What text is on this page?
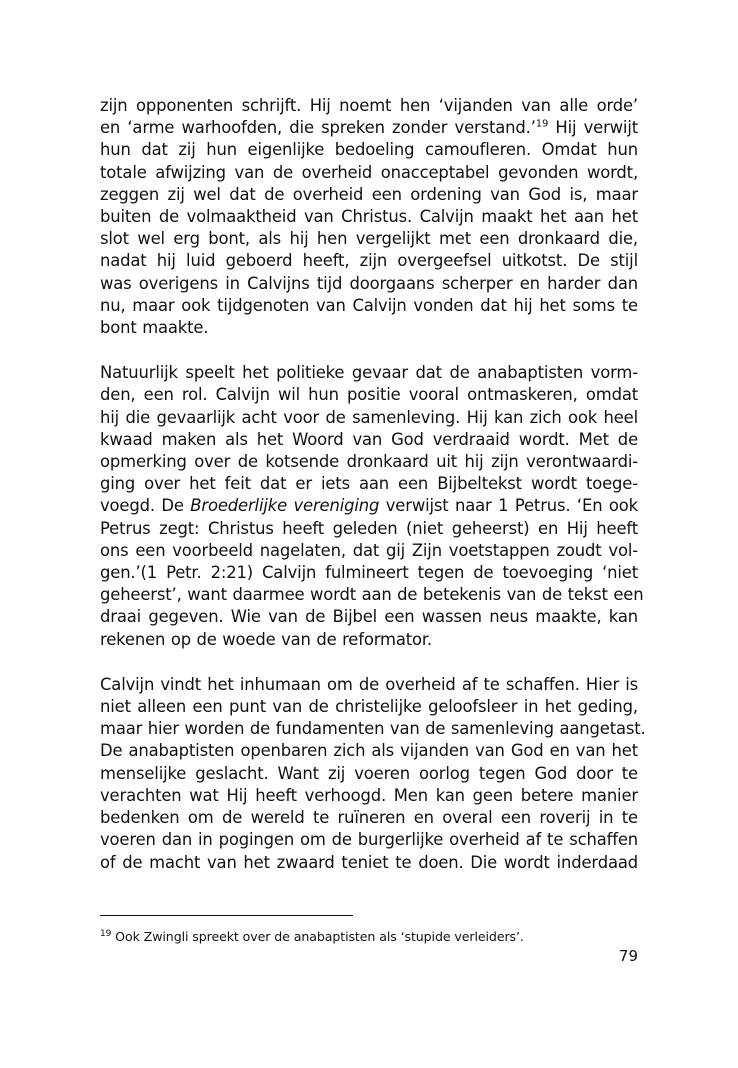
zijn opponenten schrijft. Hij noemt hen ‘vijanden van alle orde’
en ‘arme warhoofden, die spreken zonder verstand.’$^{19}$ Hij verwijt
hun dat zij hun eigenlijke bedoeling camoufleren. Omdat hun
totale afwijzing van de overheid onacceptabel gevonden wordt,
zeggen zij wel dat de overheid een ordening van God is, maar
buiten de volmaaktheid van Christus. Calvijn maakt het aan het
slot wel erg bont, als hij hen vergelijkt met een dronkaard die,
nadat hij luid geboerd heeft, zijn overgeefsel uitkotst. De stijl
was overigens in Calvijns tijd doorgaans scherper en harder dan
nu, maar ook tijdgenoten van Calvijn vonden dat hij het soms te
bont maakte.

Natuurlijk speelt het politieke gevaar dat de anabaptisten vorm-
den, een rol. Calvijn wil hun positie vooral ontmaskeren, omdat
hij die gevaarlijk acht voor de samenleving. Hij kan zich ook heel
kwaad maken als het Woord van God verdraaid wordt. Met de
opmerking over de kotsende dronkaard uit hij zijn verontwaardi-
ging over het feit dat er iets aan een Bijbeltekst wordt toege-
voegd. De Broederlijke vereniging verwijst naar 1 Petrus. ‘En ook
Petrus zegt: Christus heeft geleden (niet geheerst) en Hij heeft
ons een voorbeeld nagelaten, dat gij Zijn voetstappen zoudt vol-
gen.’(1 Petr. 2:21) Calvijn fulmineert tegen de toevoeging ‘niet
geheerst’, want daarmee wordt aan de betekenis van de tekst een
draai gegeven. Wie van de Bijbel een wassen neus maakte, kan
rekenen op de woede van de reformator.

Calvijn vindt het inhumaan om de overheid af te schaffen. Hier is
niet alleen een punt van de christelijke geloofsleer in het geding,
maar hier worden de fundamenten van de samenleving aangetast.
De anabaptisten openbaren zich als vijanden van God en van het
menselijke geslacht. Want zij voeren oorlog tegen God door te
verachten wat Hij heeft verhoogd. Men kan geen betere manier
bedenken om de wereld te ruïneren en overal een roverij in te
voeren dan in pogingen om de burgerlijke overheid af te schaffen
of de macht van het zwaard teniet te doen. Die wordt inderdaad

$^{19}$ Ook Zwingli spreekt over de anabaptisten als ‘stupide verleiders’.
79
